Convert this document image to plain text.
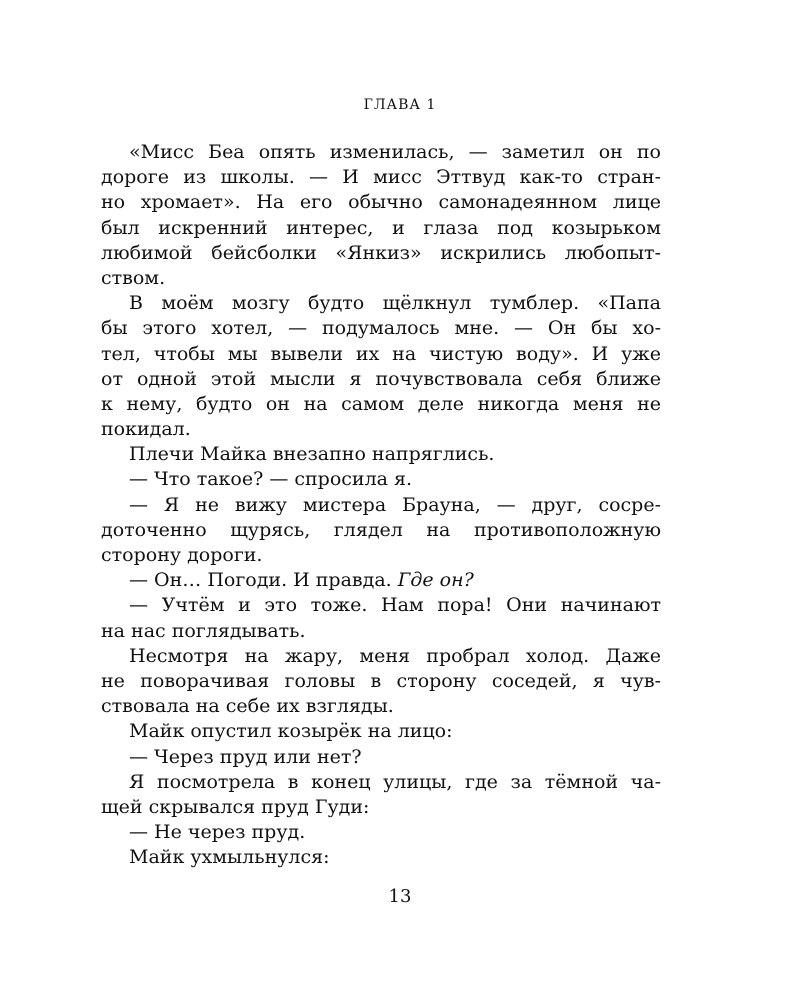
ГЛАВА 1
«Мисс Беа опять изменилась, — заметил он по
дороге из школы. — И мисс Эттвуд как-то стран-
но хромает». На его обычно самонадеянном лице
был искренний интерес, и глаза под козырьком
любимой бейсболки «Янкиз» искрились любопыт-
ством.
В моём мозгу будто щёлкнул тумблер. «Папа
бы этого хотел, — подумалось мне. — Он бы хо-
тел, чтобы мы вывели их на чистую воду». И уже
от одной этой мысли я почувствовала себя ближе
к нему, будто он на самом деле никогда меня не
покидал.
Плечи Майка внезапно напряглись.
— Что такое? — спросила я.
— Я не вижу мистера Брауна, — друг, сосре-
доточенно щурясь, глядел на противоположную
сторону дороги.
— Он… Погоди. И правда. Где он?
— Учтём и это тоже. Нам пора! Они начинают
на нас поглядывать.
Несмотря на жару, меня пробрал холод. Даже
не поворачивая головы в сторону соседей, я чув-
ствовала на себе их взгляды.
Майк опустил козырёк на лицо:
— Через пруд или нет?
Я посмотрела в конец улицы, где за тёмной ча-
щей скрывался пруд Гуди:
— Не через пруд.
Майк ухмыльнулся:
13
